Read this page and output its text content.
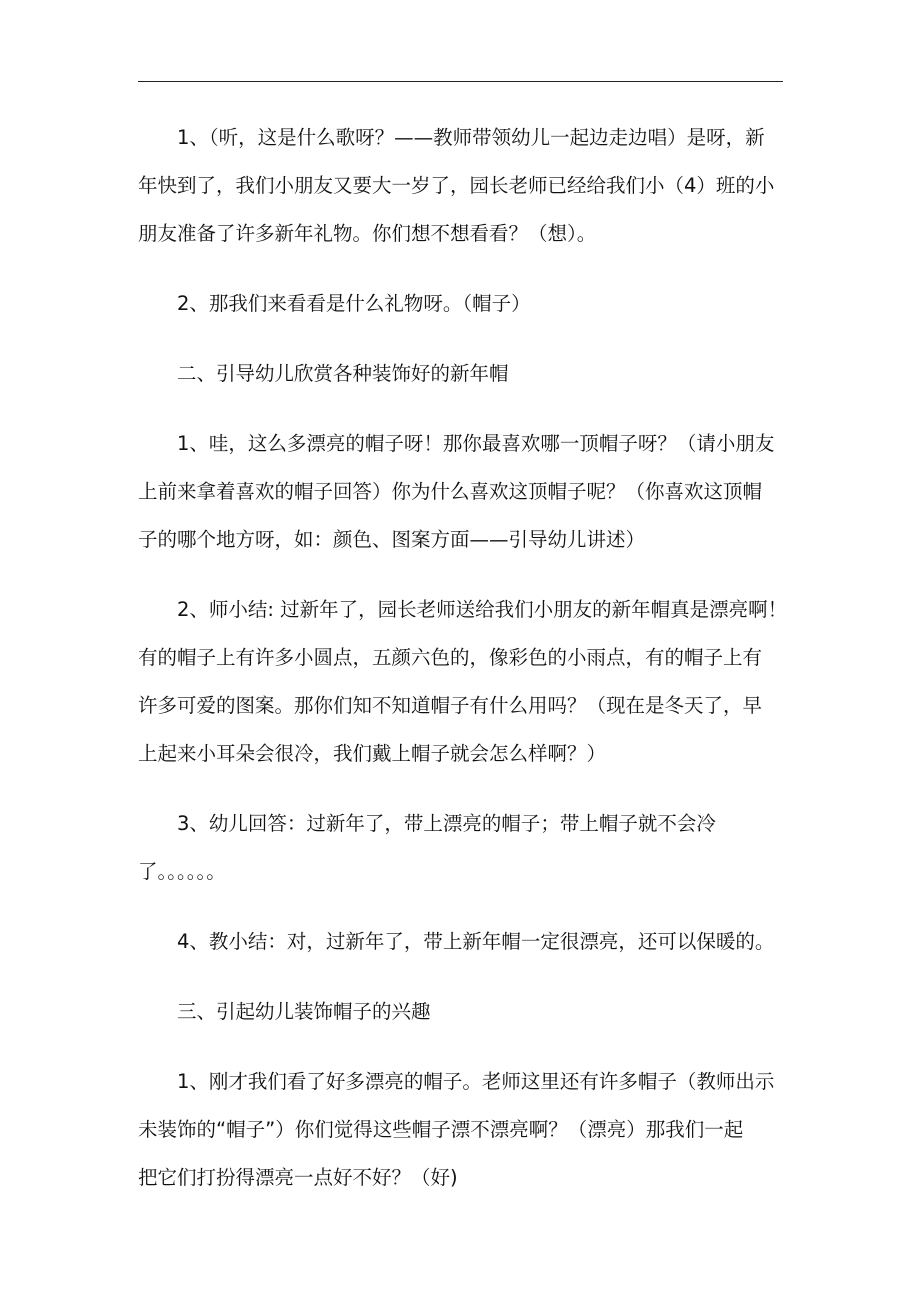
1、（听，这是什么歌呀？——教师带领幼儿一起边走边唱）是呀，新
年快到了，我们小朋友又要大一岁了，园长老师已经给我们小（4）班的小
朋友准备了许多新年礼物。你们想不想看看？（想）。

2、那我们来看看是什么礼物呀。（帽子）

二、引导幼儿欣赏各种装饰好的新年帽

1、哇，这么多漂亮的帽子呀！那你最喜欢哪一顶帽子呀？（请小朋友
上前来拿着喜欢的帽子回答）你为什么喜欢这顶帽子呢？（你喜欢这顶帽
子的哪个地方呀，如：颜色、图案方面——引导幼儿讲述）

2、师小结: 过新年了，园长老师送给我们小朋友的新年帽真是漂亮啊！
有的帽子上有许多小圆点，五颜六色的，像彩色的小雨点，有的帽子上有
许多可爱的图案。那你们知不知道帽子有什么用吗？（现在是冬天了，早
上起来小耳朵会很冷，我们戴上帽子就会怎么样啊？）

3、幼儿回答：过新年了，带上漂亮的帽子；带上帽子就不会冷
了。。。。。。

4、教小结：对，过新年了，带上新年帽一定很漂亮，还可以保暖的。

三、引起幼儿装饰帽子的兴趣

1、刚才我们看了好多漂亮的帽子。老师这里还有许多帽子（教师出示
未装饰的“帽子”）你们觉得这些帽子漂不漂亮啊？（漂亮）那我们一起
把它们打扮得漂亮一点好不好？（好)
